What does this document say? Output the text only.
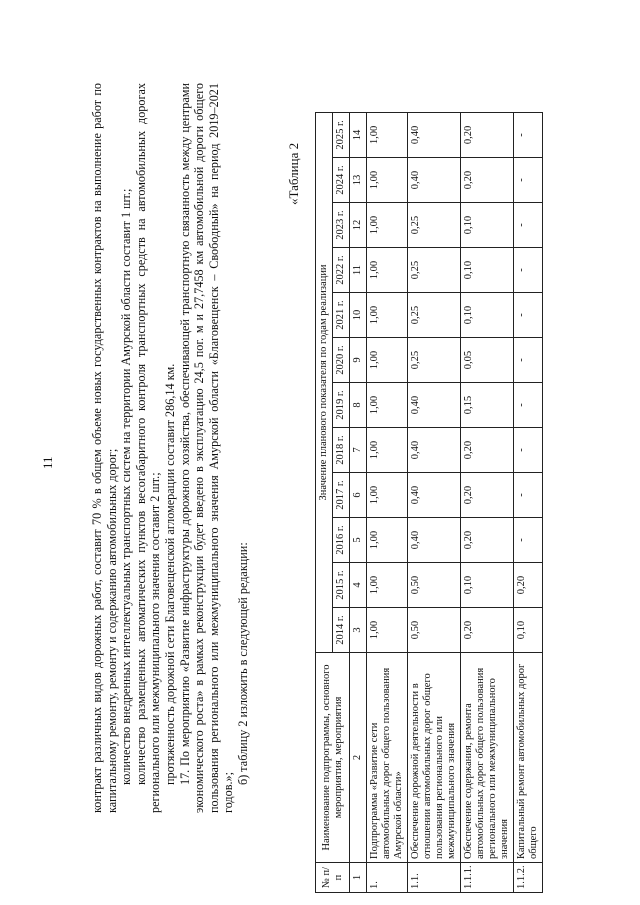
11	контракт различных видов дорожных работ, составит 70 % в общем объеме новых государственных контрактов на выполнение работ по капитальному ремонту, ремонту и содержанию автомобильных дорог; количество внедренных интеллектуальных транспортных систем на территории Амурской области составит 1 шт.; количество размещенных автоматических пунктов весогабаритного контроля транспортных средств на автомобильных дорогах регионального или межмуниципального значения составит 2 шт.; протяженность дорожной сети Благовещенской агломерации составит 286,14 км. 17. По мероприятию «Развитие инфраструктуры дорожного хозяйства, обеспечивающей транспортную связанность между центрами экономического роста» в рамках реконструкции будет введено в эксплуатацию 24,5 пог. м и 27,7458 км автомобильной дороги общего пользования регионального или межмуниципального значения Амурской области «Благовещенск – Свободный» на период 2019–2021 годов.»;

б) таблицу 2 изложить в следующей редакции:

«Таблица 2
№ п/п	Наименование подпрограммы, основного мероприятия, мероприятия	Значение планового показателя по годам реализации											
		2014 г.	2015 г.	2016 г.	2017 г.	2018 г.	2019 г.	2020 г.	2021 г.	2022 г.	2023 г.	2024 г.	2025 г.
1	2	3	4	5	6	7	8	9	10	11	12	13	14
1.	Подпрограмма «Развитие сети автомобильных дорог общего пользования Амурской области»	1,00	1,00	1,00	1,00	1,00	1,00	1,00	1,00	1,00	1,00	1,00	1,00
1.1.	Обеспечение дорожной деятельности в отношении автомобильных дорог общего пользования регионального или межмуниципального значения	0,50	0,50	0,40	0,40	0,40	0,40	0,25	0,25	0,25	0,25	0,40	0,40
1.1.1.	Обеспечение содержания, ремонта автомобильных дорог общего пользования регионального или межмуниципального значения	0,20	0,10	0,20	0,20	0,20	0,15	0,05	0,10	0,10	0,10	0,20	0,20
1.1.2.	Капитальный ремонт автомобильных дорог общего	0,10	0,20	-	-	-	-	-	-	-	-	-	-
